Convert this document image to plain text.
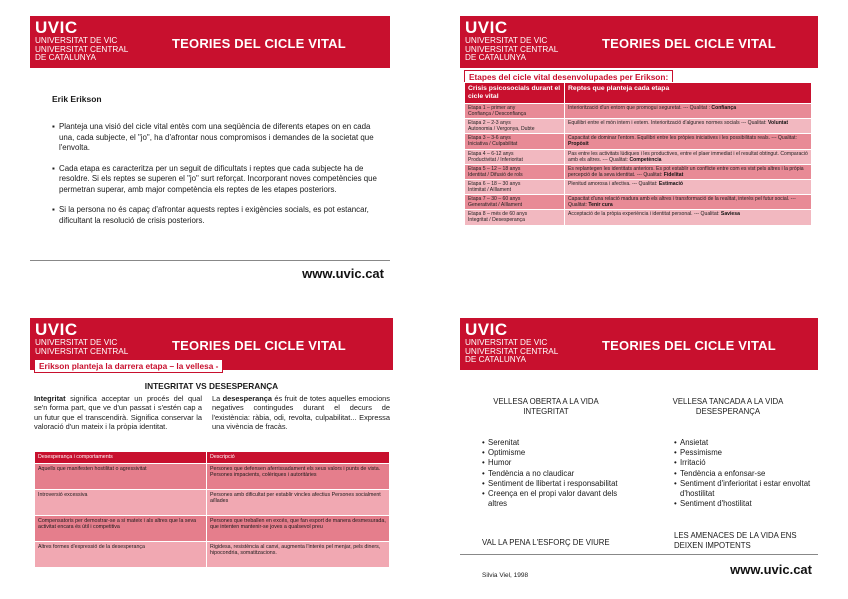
UVIC
UNIVERSITAT DE VIC
UNIVERSITAT CENTRAL
DE CATALUNYA
TEORIES DEL CICLE VITAL
Erik Erikson
▪ Planteja una visió del cicle vital entès com una seqüència de diferents etapes on en cada una, cada subjecte, el "jo", ha d'afrontar nous compromisos i demandes de la societat que l'envolta.
▪ Cada etapa es caracteritza per un seguit de dificultats i reptes que cada subjecte ha de resoldre. Si els reptes se superen el "jo" surt reforçat. Incorporant noves competències que permetran superar, amb major competència els reptes de les etapes posteriors.
▪ Si la persona no és capaç d'afrontar aquests reptes i exigències socials, es pot estancar, dificultant la resolució de crisis posteriors.
www.uvic.cat
UVIC
UNIVERSITAT DE VIC
UNIVERSITAT CENTRAL
DE CATALUNYA
TEORIES DEL CICLE VITAL
Etapes del cicle vital desenvolupades per Erikson:
Crisis psicosocials durant el cicle vital	Reptes que planteja cada etapa

Etapa 1 – primer any
Confiança / Desconfiança	Interiorització d'un entorn que promogui seguretat. --- Qualitat : Confiança

Etapa 2 – 2-3 anys
Autonomia / Vergonya, Dubte	Equilibri entre el món intern i extern. Interiorització d'algunes normes socials --- Qualitat: Voluntat

Etapa 3 – 3-6 anys
Iniciativa / Culpabilitat	Capacitat de dominar l'entorn. Equilibri entre les pròpies iniciatives i les possibilitats reals. --- Qualitat: Propòsit

Etapa 4 – 6-12 anys
Productivitat / Inferioritat	Pas entre les activitats lúdiques i les productives, entre el plaer immediat i el resultat obtingut. Comparació amb els altres. --- Qualitat: Competència

Etapa 5 – 12 – 18 anys
Identitat / Difusió de rols	Es replantegen les identitats anteriors. Es pot establir un conflicte entre com es vist pels altres i la pròpia percepció de la seva identitat. --- Qualitat: Fidelitat

Etapa 6 – 18 – 30 anys
Intimitat / Aïllament	Plenitud amorosa i afectiva. --- Qualitat: Estimació

Etapa 7 – 30 – 60 anys
Generativitat / Aïllament	Capacitat d'una relació madura amb els altres i transformació de la realitat, interès pel futur social. --- Qualitat: Tenir cura

Etapa 8 – més de 60 anys
Integritat / Desesperança	Acceptació de la pròpia experiència i identitat personal. --- Qualitat: Saviesa
UVIC
UNIVERSITAT DE VIC
UNIVERSITAT CENTRAL	TEORIES DEL CICLE VITAL
Erikson planteja la darrera etapa – la vellesa -
INTEGRITAT VS DESESPERANÇA
Integritat significa acceptar un procés del qual se'n forma part, que ve d'un passat i s'estén cap a un futur que el transcendirà. Significa conservar la valoració d'un mateix i la pròpia identitat.
La desesperança és fruit de totes aquelles emocions negatives contingudes durant el decurs de l'existència: ràbia, odi, revolta, culpabilitat... Expressa una vivència de fracàs.
Desesperança i comportaments	Descripció
Aquells que manifesten hostilitat o agressivitat	Persones que defensen aferrissadament els seus valors i punts de vista. Persones impacients, colèriques i autoritàries
Introversió excessiva	Persones amb dificultat per establir vincles afectius Persones socialment aïllades
Compensatoris per demostrar-se a si mateix i als altres que la seva activitat encara és útil i competitiva	Persones que treballen en excés, que fan esport de manera desmesurada, que intenten mantenir-se joves a qualsevol preu
Altres formes d'expressió de la desesperança	Rigidesa, resistència al canvi, augmenta l'interès pel menjar, pels diners, hipocondria, somatitzacions.
UVIC
UNIVERSITAT DE VIC
UNIVERSITAT CENTRAL
DE CATALUNYA
TEORIES DEL CICLE VITAL
VELLESA OBERTA A LA VIDA
INTEGRITAT
VELLESA TANCADA A LA VIDA
DESESPERANÇA
• Serenitat
• Optimisme
• Humor
• Tendència a no claudicar
• Sentiment de llibertat i responsabilitat
• Creença en el propi valor davant dels altres
• Ansietat
• Pessimisme
• Irritació
• Tendència a enfonsar-se
• Sentiment d'inferioritat i estar envoltat d'hostilitat
• Sentiment d'hostilitat
VAL LA PENA L'ESFORÇ DE VIURE
LES AMENACES DE LA VIDA ENS DEIXEN IMPOTENTS
Silvia Viel, 1998	www.uvic.cat
